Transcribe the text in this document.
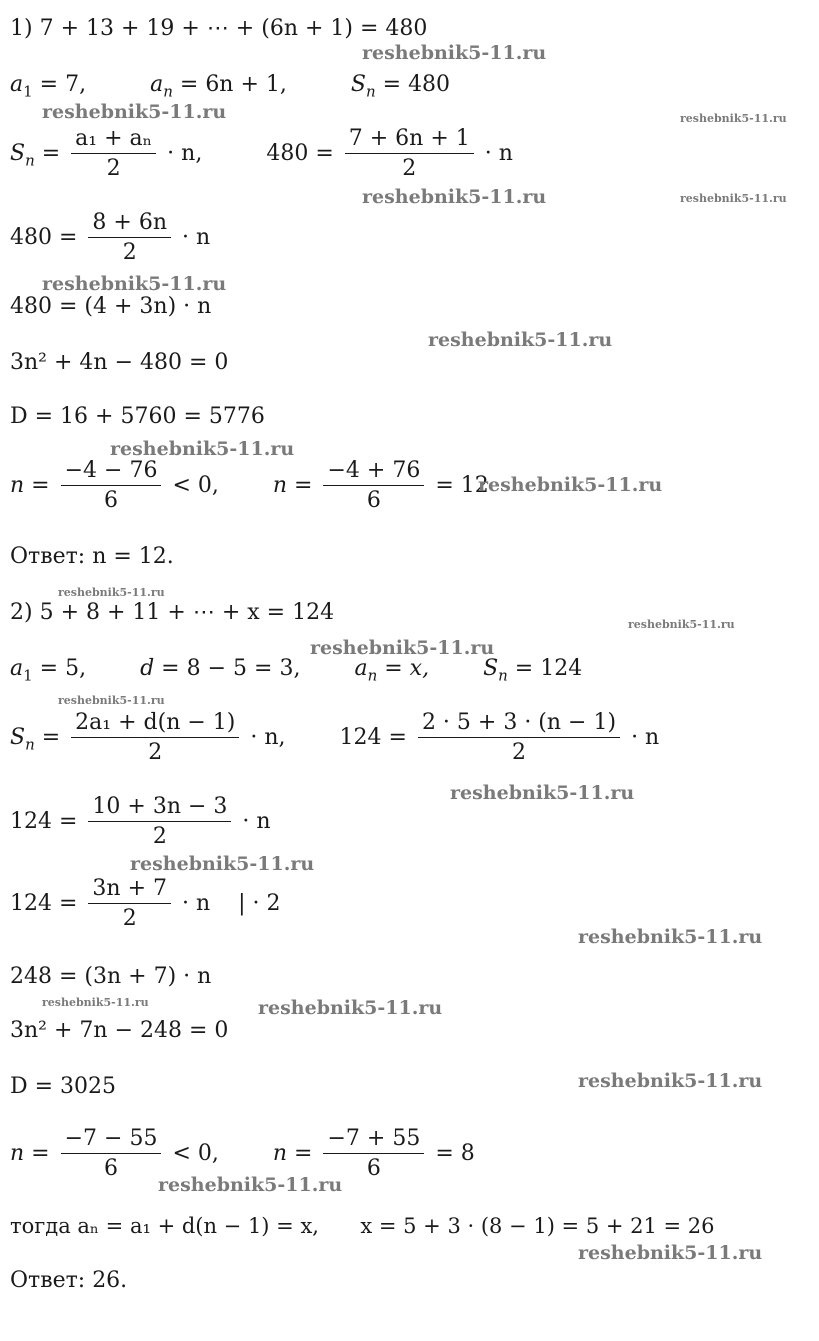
1) 7 + 13 + 19 + ⋯ + (6n + 1) = 480
$a_1 = 7$,	$a_n = 6n + 1$,	$S_n = 480$
$S_n = \frac{\text{a₁ + aₙ}}{2} \cdot n$,	$480 = \frac{7 + 6n + 1}{2} \cdot n$
$480 = \frac{8 + 6n}{2} \cdot n$
480 = (4 + 3n) · n
3n² + 4n − 480 = 0
D = 16 + 5760 = 5776
$n = \frac{-4 - 76}{6} < 0$, $n = \frac{-4 + 76}{6} = 12$
Ответ: n = 12.
2) 5 + 8 + 11 + ⋯ + x = 124
$a_1 = 5$, d = 8 − 5 = 3, $a_n = x$, $S_n = 124$
$S_n = \frac{\text{2a₁ + d(n − 1)}}{2} \cdot n$, $124 = \frac{2 \cdot 5 + 3 \cdot (n - 1)}{2} \cdot n$
$124 = \frac{10 + 3n - 3}{2} \cdot n$
$124 = \frac{3n + 7}{2} \cdot n$    | · 2
248 = (3n + 7) · n
3n² + 7n − 248 = 0
D = 3025
$n = \frac{-7 - 55}{6} < 0$, $n = \frac{-7 + 55}{6} = 8$
тогда aₙ = a₁ + d(n − 1) = x, x = 5 + 3 · (8 − 1) = 5 + 21 = 26
Ответ: 26.
reshebnik5-11.ru
reshebnik5-11.ru	reshebnik5-11.ru
reshebnik5-11.ru	reshebnik5-11.ru
reshebnik5-11.ru
reshebnik5-11.ru
reshebnik5-11.ru
reshebnik5-11.ru
reshebnik5-11.ru
reshebnik5-11.ru
reshebnik5-11.ru
reshebnik5-11.ru
reshebnik5-11.ru
reshebnik5-11.ru
reshebnik5-11.ru
reshebnik5-11.ru	reshebnik5-11.ru
reshebnik5-11.ru
reshebnik5-11.ru
reshebnik5-11.ru
